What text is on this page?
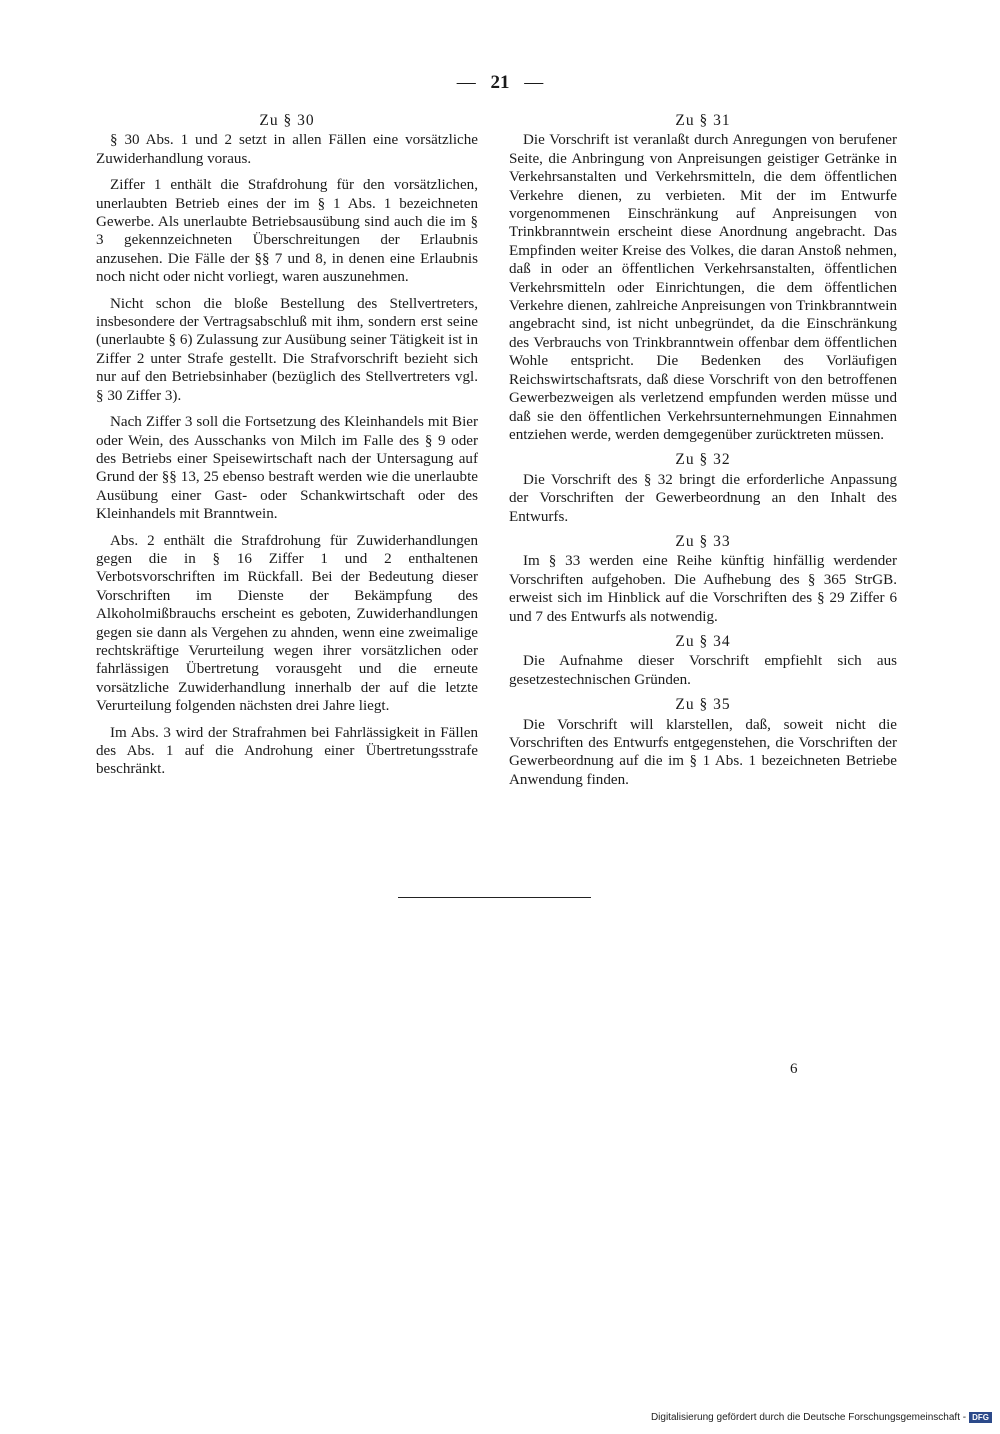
— 21 —
Zu § 30

§ 30 Abs. 1 und 2 setzt in allen Fällen eine vorsätzliche Zuwiderhandlung voraus.

Ziffer 1 enthält die Strafdrohung für den vorsätzlichen, unerlaubten Betrieb eines der im § 1 Abs. 1 bezeichneten Gewerbe. Als unerlaubte Betriebsausübung sind auch die im § 3 gekennzeichneten Überschreitungen der Erlaubnis anzusehen. Die Fälle der §§ 7 und 8, in denen eine Erlaubnis noch nicht oder nicht vorliegt, waren auszunehmen.

Nicht schon die bloße Bestellung des Stellvertreters, insbesondere der Vertragsabschluß mit ihm, sondern erst seine (unerlaubte § 6) Zulassung zur Ausübung seiner Tätigkeit ist in Ziffer 2 unter Strafe gestellt. Die Strafvorschrift bezieht sich nur auf den Betriebsinhaber (bezüglich des Stellvertreters vgl. § 30 Ziffer 3).

Nach Ziffer 3 soll die Fortsetzung des Kleinhandels mit Bier oder Wein, des Ausschanks von Milch im Falle des § 9 oder des Betriebs einer Speisewirtschaft nach der Untersagung auf Grund der §§ 13, 25 ebenso bestraft werden wie die unerlaubte Ausübung einer Gast- oder Schankwirtschaft oder des Kleinhandels mit Branntwein.

Abs. 2 enthält die Strafdrohung für Zuwiderhandlungen gegen die in § 16 Ziffer 1 und 2 enthaltenen Verbotsvorschriften im Rückfall. Bei der Bedeutung dieser Vorschriften im Dienste der Bekämpfung des Alkoholmißbrauchs erscheint es geboten, Zuwiderhandlungen gegen sie dann als Vergehen zu ahnden, wenn eine zweimalige rechtskräftige Verurteilung wegen ihrer vorsätzlichen oder fahrlässigen Übertretung vorausgeht und die erneute vorsätzliche Zuwiderhandlung innerhalb der auf die letzte Verurteilung folgenden nächsten drei Jahre liegt.

Im Abs. 3 wird der Strafrahmen bei Fahrlässigkeit in Fällen des Abs. 1 auf die Androhung einer Übertretungsstrafe beschränkt.

Zu § 31

Die Vorschrift ist veranlaßt durch Anregungen von berufener Seite, die Anbringung von Anpreisungen geistiger Getränke in Verkehrsanstalten und Verkehrsmitteln, die dem öffentlichen Verkehre dienen, zu verbieten. Mit der im Entwurfe vorgenommenen Einschränkung auf Anpreisungen von Trinkbranntwein erscheint diese Anordnung angebracht. Das Empfinden weiter Kreise des Volkes, die daran Anstoß nehmen, daß in oder an öffentlichen Verkehrsanstalten, öffentlichen Verkehrsmitteln oder Einrichtungen, die dem öffentlichen Verkehre dienen, zahlreiche Anpreisungen von Trinkbranntwein angebracht sind, ist nicht unbegründet, da die Einschränkung des Verbrauchs von Trinkbranntwein offenbar dem öffentlichen Wohle entspricht. Die Bedenken des Vorläufigen Reichswirtschaftsrats, daß diese Vorschrift von den betroffenen Gewerbezweigen als verletzend empfunden werden müsse und daß sie den öffentlichen Verkehrsunternehmungen Einnahmen entziehen werde, werden demgegenüber zurücktreten müssen.

Zu § 32

Die Vorschrift des § 32 bringt die erforderliche Anpassung der Vorschriften der Gewerbeordnung an den Inhalt des Entwurfs.

Zu § 33

Im § 33 werden eine Reihe künftig hinfällig werdender Vorschriften aufgehoben. Die Aufhebung des § 365 StrGB. erweist sich im Hinblick auf die Vorschriften des § 29 Ziffer 6 und 7 des Entwurfs als notwendig.

Zu § 34

Die Aufnahme dieser Vorschrift empfiehlt sich aus gesetzestechnischen Gründen.

Zu § 35

Die Vorschrift will klarstellen, daß, soweit nicht die Vorschriften des Entwurfs entgegenstehen, die Vorschriften der Gewerbeordnung auf die im § 1 Abs. 1 bezeichneten Betriebe Anwendung finden.

6
Digitalisierung gefördert durch die Deutsche Forschungsgemeinschaft - DFG
